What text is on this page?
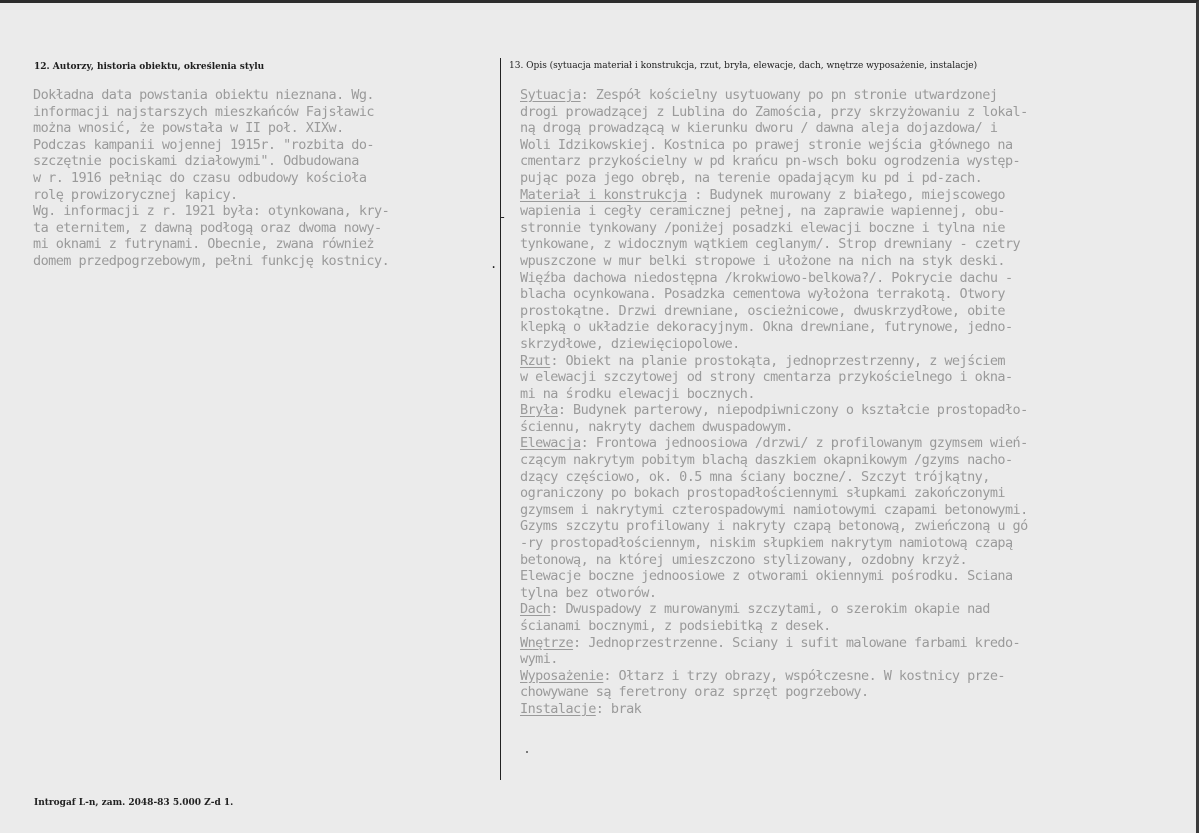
12. Autorzy, historia obiektu, określenia stylu	13. Opis (sytuacja materiał i konstrukcja, rzut, bryła, elewacje, dach, wnętrze wyposażenie, instalacje)
Dokładna data powstania obiektu nieznana. Wg.
informacji najstarszych mieszkańców Fajsławic
można wnosić, że powstała w II poł. XIXw.
Podczas kampanii wojennej 1915r. "rozbita do-
szczętnie pociskami działowymi". Odbudowana
w r. 1916 pełniąc do czasu odbudowy kościoła
rolę prowizorycznej kapicy.
Wg. informacji z r. 1921 była: otynkowana, kry-
ta eternitem, z dawną podłogą oraz dwoma nowy-
mi oknami z futrynami. Obecnie, zwana również
domem przedpogrzebowym, pełni funkcję kostnicy.
Sytuacja: Zespół kościelny usytuowany po pn stronie utwardzonej
drogi prowadzącej z Lublina do Zamościa, przy skrzyżowaniu z lokal-
ną drogą prowadzącą w kierunku dworu / dawna aleja dojazdowa/ i
Woli Idzikowskiej. Kostnica po prawej stronie wejścia głównego na
cmentarz przykościelny w pd krańcu pn-wsch boku ogrodzenia występ-
pując poza jego obręb, na terenie opadającym ku pd i pd-zach.
Materiał i konstrukcja : Budynek murowany z białego, miejscowego
wapienia i cegły ceramicznej pełnej, na zaprawie wapiennej, obu-
stronnie tynkowany /poniżej posadzki elewacji boczne i tylna nie
tynkowane, z widocznym wątkiem ceglanym/. Strop drewniany - czetry
wpuszczone w mur belki stropowe i ułożone na nich na styk deski.
Więźba dachowa niedostępna /krokwiowo-belkowa?/. Pokrycie dachu -
blacha ocynkowana. Posadzka cementowa wyłożona terrakotą. Otwory
prostokątne. Drzwi drewniane, oscieżnicowe, dwuskrzydłowe, obite
klepką o układzie dekoracyjnym. Okna drewniane, futrynowe, jedno-
skrzydłowe, dziewięciopolowe.
Rzut: Obiekt na planie prostokąta, jednoprzestrzenny, z wejściem
w elewacji szczytowej od strony cmentarza przykościelnego i okna-
mi na środku elewacji bocznych.
Bryła: Budynek parterowy, niepodpiwniczony o kształcie prostopadło-
ściennu, nakryty dachem dwuspadowym.
Elewacja: Frontowa jednoosiowa /drzwi/ z profilowanym gzymsem wień-
czącym nakrytym pobitym blachą daszkiem okapnikowym /gzyms nacho-
dzący częściowo, ok. 0.5 mna ściany boczne/. Szczyt trójkątny,
ograniczony po bokach prostopadłościennymi słupkami zakończonymi
gzymsem i nakrytymi czterospadowymi namiotowymi czapami betonowymi.
Gzyms szczytu profilowany i nakryty czapą betonową, zwieńczoną u gó
-ry prostopadłościennym, niskim słupkiem nakrytym namiotową czapą
betonową, na której umieszczono stylizowany, ozdobny krzyż.
Elewacje boczne jednoosiowe z otworami okiennymi pośrodku. Sciana
tylna bez otworów.
Dach: Dwuspadowy z murowanymi szczytami, o szerokim okapie nad
ścianami bocznymi, z podsiebitką z desek.
Wnętrze: Jednoprzestrzenne. Sciany i sufit malowane farbami kredo-
wymi.
Wyposażenie: Ołtarz i trzy obrazy, współczesne. W kostnicy prze-
chowywane są feretrony oraz sprzęt pogrzebowy.
Instalacje: brak
-
.
Introgaf L-n, zam. 2048-83 5.000 Z-d 1.
